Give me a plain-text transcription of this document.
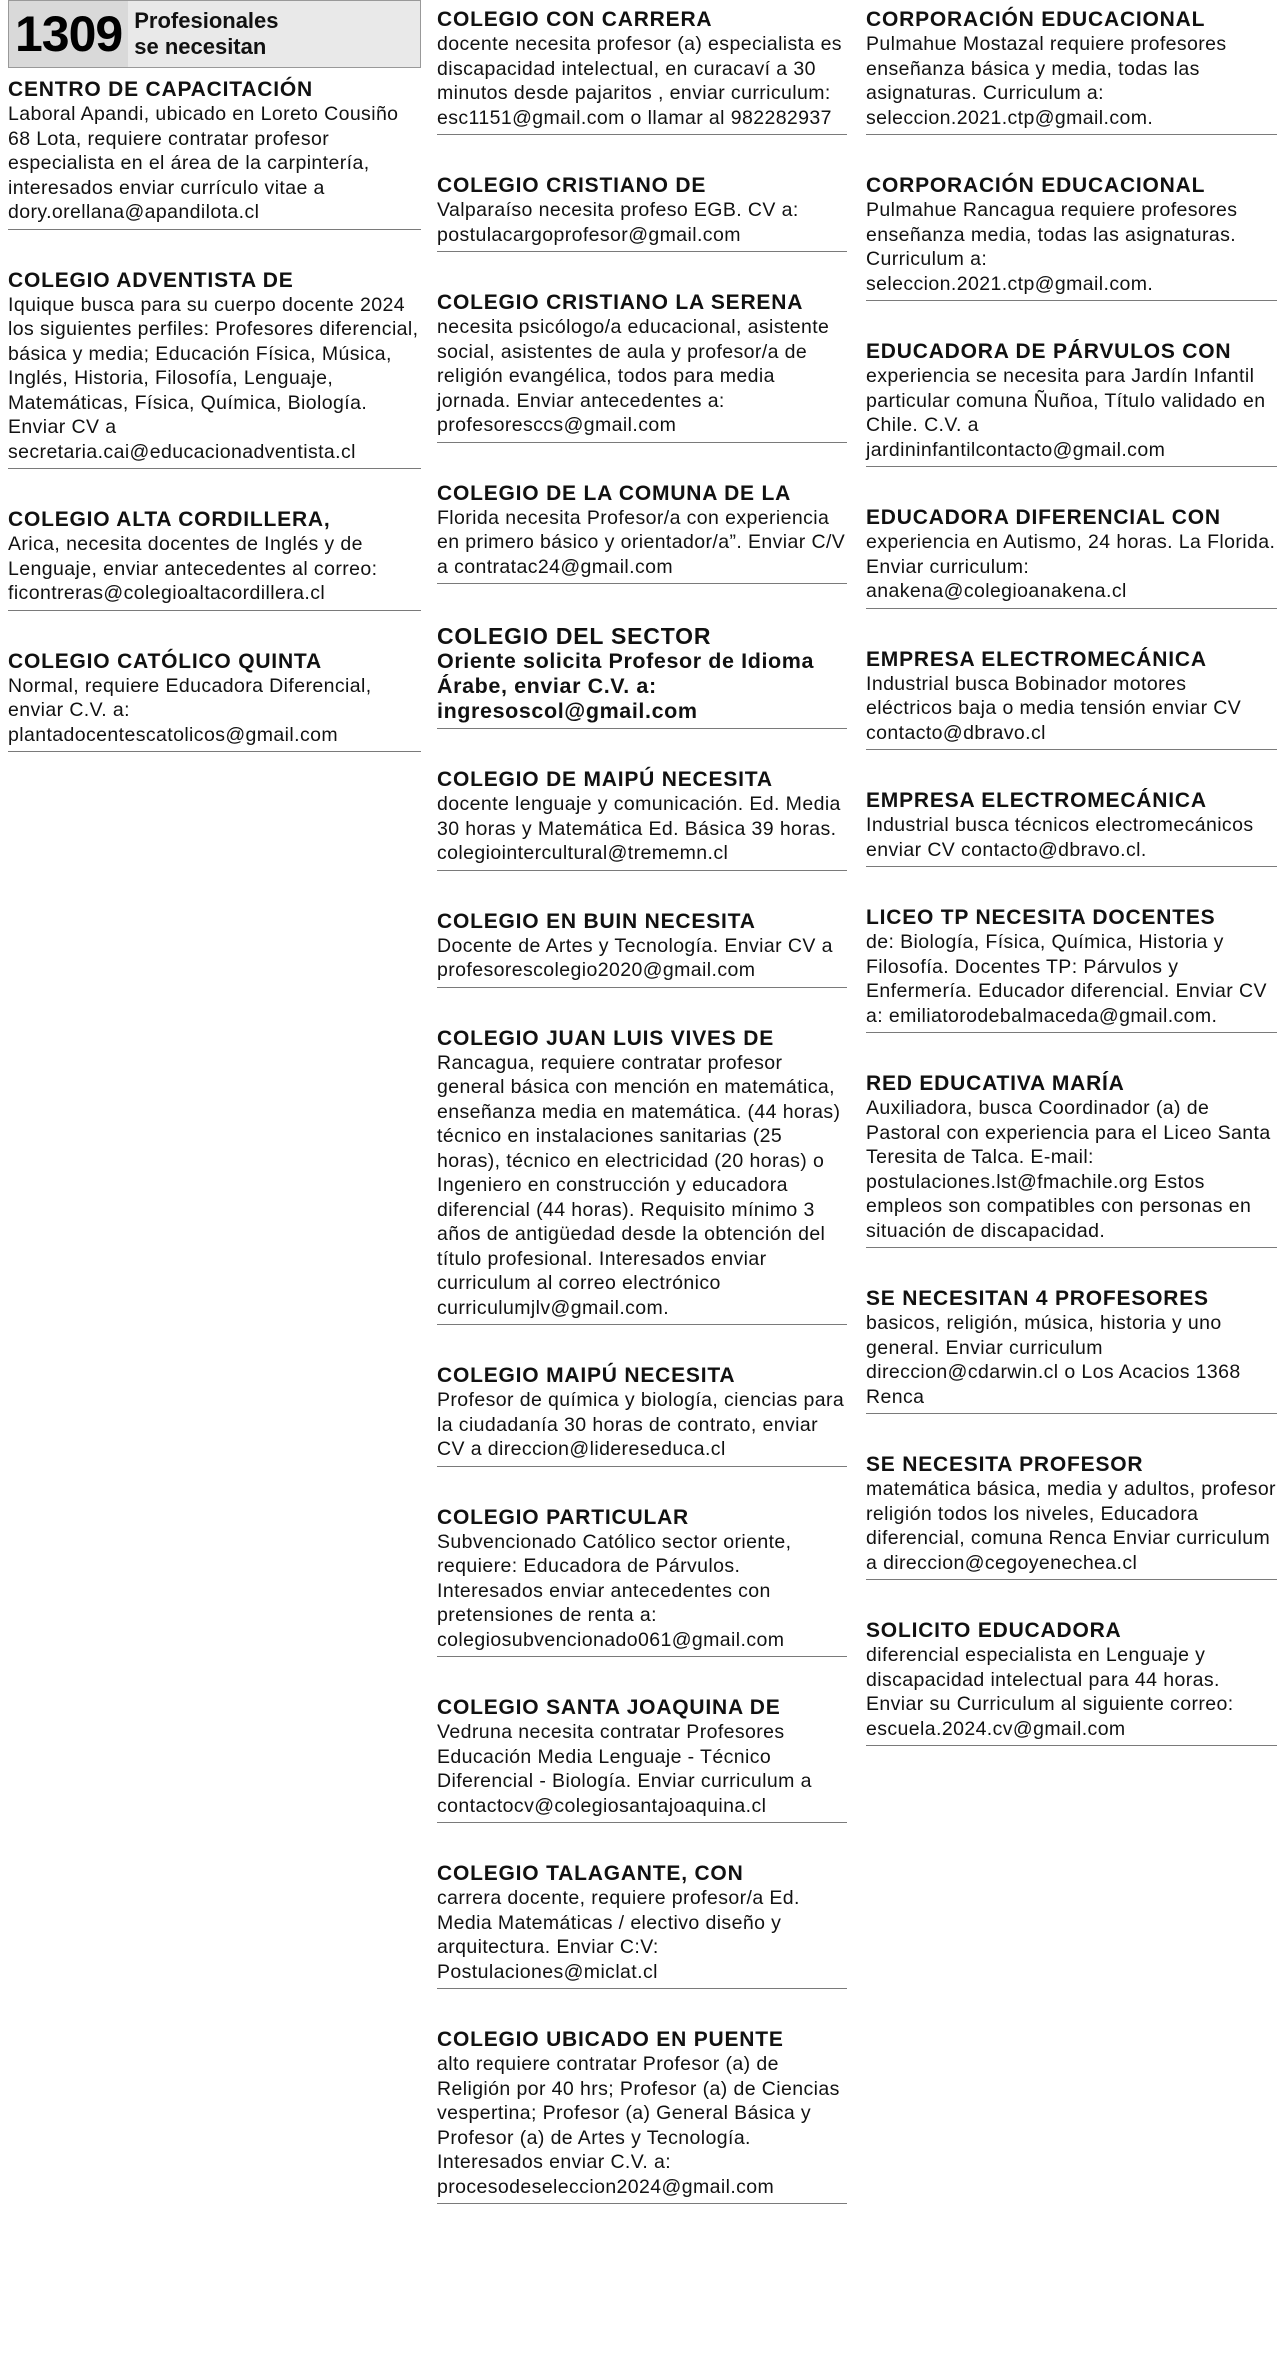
1309 Profesionales
se necesitan
CENTRO DE CAPACITACIÓN
Laboral Apandi, ubicado en Loreto Cousiño 68 Lota, requiere contratar profesor especialista en el área de la carpintería, interesados enviar currículo vitae a dory.orellana@apandilota.cl
COLEGIO ADVENTISTA DE
Iquique busca para su cuerpo docente 2024 los siguientes perfiles: Profesores diferencial, básica y media; Educación Física, Música, Inglés, Historia, Filosofía, Lenguaje, Matemáticas, Física, Química, Biología. Enviar CV a secretaria.cai@educacionadventista.cl
COLEGIO ALTA CORDILLERA,
Arica, necesita docentes de Inglés y de Lenguaje, enviar antecedentes al correo: ficontreras@colegioaltacordillera.cl
COLEGIO CATÓLICO QUINTA
Normal, requiere Educadora Diferencial, enviar C.V. a: plantadocentescatolicos@gmail.com
COLEGIO CON CARRERA
docente necesita profesor (a) especialista es discapacidad intelectual, en curacaví a 30 minutos desde pajaritos , enviar curriculum: esc1151@gmail.com o llamar al 982282937
COLEGIO CRISTIANO DE
Valparaíso necesita profeso EGB. CV a: postulacargoprofesor@gmail.com
COLEGIO CRISTIANO LA SERENA
necesita psicólogo/a educacional, asistente social, asistentes de aula y profesor/a de religión evangélica, todos para media jornada. Enviar antecedentes a: profesoresccs@gmail.com
COLEGIO DE LA COMUNA DE LA
Florida necesita Profesor/a con experiencia en primero básico y orientador/a”. Enviar C/V a contratac24@gmail.com
COLEGIO DEL SECTOR
Oriente solicita Profesor de Idioma Árabe, enviar C.V. a: ingresoscol@gmail.com
COLEGIO DE MAIPÚ NECESITA
docente lenguaje y comunicación. Ed. Media 30 horas y Matemática Ed. Básica 39 horas. colegiointercultural@trememn.cl
COLEGIO EN BUIN NECESITA
Docente de Artes y Tecnología. Enviar CV a profesorescolegio2020@gmail.com
COLEGIO JUAN LUIS VIVES DE
Rancagua, requiere contratar profesor general básica con mención en matemática, enseñanza media en matemática. (44 horas) técnico en instalaciones sanitarias (25 horas), técnico en electricidad (20 horas) o Ingeniero en construcción y educadora diferencial (44 horas). Requisito mínimo 3 años de antigüedad desde la obtención del título profesional. Interesados enviar curriculum al correo electrónico curriculumjlv@gmail.com.
COLEGIO MAIPÚ NECESITA
Profesor de química y biología, ciencias para la ciudadanía 30 horas de contrato, enviar CV a direccion@lidereseduca.cl
COLEGIO PARTICULAR
Subvencionado Católico sector oriente, requiere: Educadora de Párvulos. Interesados enviar antecedentes con pretensiones de renta a: colegiosubvencionado061@gmail.com
COLEGIO SANTA JOAQUINA DE
Vedruna necesita contratar Profesores Educación Media Lenguaje - Técnico Diferencial - Biología. Enviar curriculum a contactocv@colegiosantajoaquina.cl
COLEGIO TALAGANTE, CON
carrera docente, requiere profesor/a Ed. Media Matemáticas / electivo diseño y arquitectura. Enviar C:V: Postulaciones@miclat.cl
COLEGIO UBICADO EN PUENTE
alto requiere contratar Profesor (a) de Religión por 40 hrs; Profesor (a) de Ciencias vespertina; Profesor (a) General Básica y Profesor (a) de Artes y Tecnología. Interesados enviar C.V. a: procesodeseleccion2024@gmail.com
CORPORACIÓN EDUCACIONAL
Pulmahue Mostazal requiere profesores enseñanza básica y media, todas las asignaturas. Curriculum a: seleccion.2021.ctp@gmail.com.
CORPORACIÓN EDUCACIONAL
Pulmahue Rancagua requiere profesores enseñanza media, todas las asignaturas. Curriculum a: seleccion.2021.ctp@gmail.com.
EDUCADORA DE PÁRVULOS CON
experiencia se necesita para Jardín Infantil particular comuna Ñuñoa, Título validado en Chile. C.V. a jardininfantilcontacto@gmail.com
EDUCADORA DIFERENCIAL CON
experiencia en Autismo, 24 horas. La Florida. Enviar curriculum: anakena@colegioanakena.cl
EMPRESA ELECTROMECÁNICA
Industrial busca Bobinador motores eléctricos baja o media tensión enviar CV contacto@dbravo.cl
EMPRESA ELECTROMECÁNICA
Industrial busca técnicos electromecánicos enviar CV contacto@dbravo.cl.
LICEO TP NECESITA DOCENTES
de: Biología, Física, Química, Historia y Filosofía. Docentes TP: Párvulos y Enfermería. Educador diferencial. Enviar CV a: emiliatorodebalmaceda@gmail.com.
RED EDUCATIVA MARÍA
Auxiliadora, busca Coordinador (a) de Pastoral con experiencia para el Liceo Santa Teresita de Talca. E-mail: postulaciones.lst@fmachile.org Estos empleos son compatibles con personas en situación de discapacidad.
SE NECESITAN 4 PROFESORES
basicos, religión, música, historia y uno general. Enviar curriculum direccion@cdarwin.cl o Los Acacios 1368 Renca
SE NECESITA PROFESOR
matemática básica, media y adultos, profesor religión todos los niveles, Educadora diferencial, comuna Renca Enviar curriculum a direccion@cegoyenechea.cl
SOLICITO EDUCADORA
diferencial especialista en Lenguaje y discapacidad intelectual para 44 horas. Enviar su Curriculum al siguiente correo: escuela.2024.cv@gmail.com
